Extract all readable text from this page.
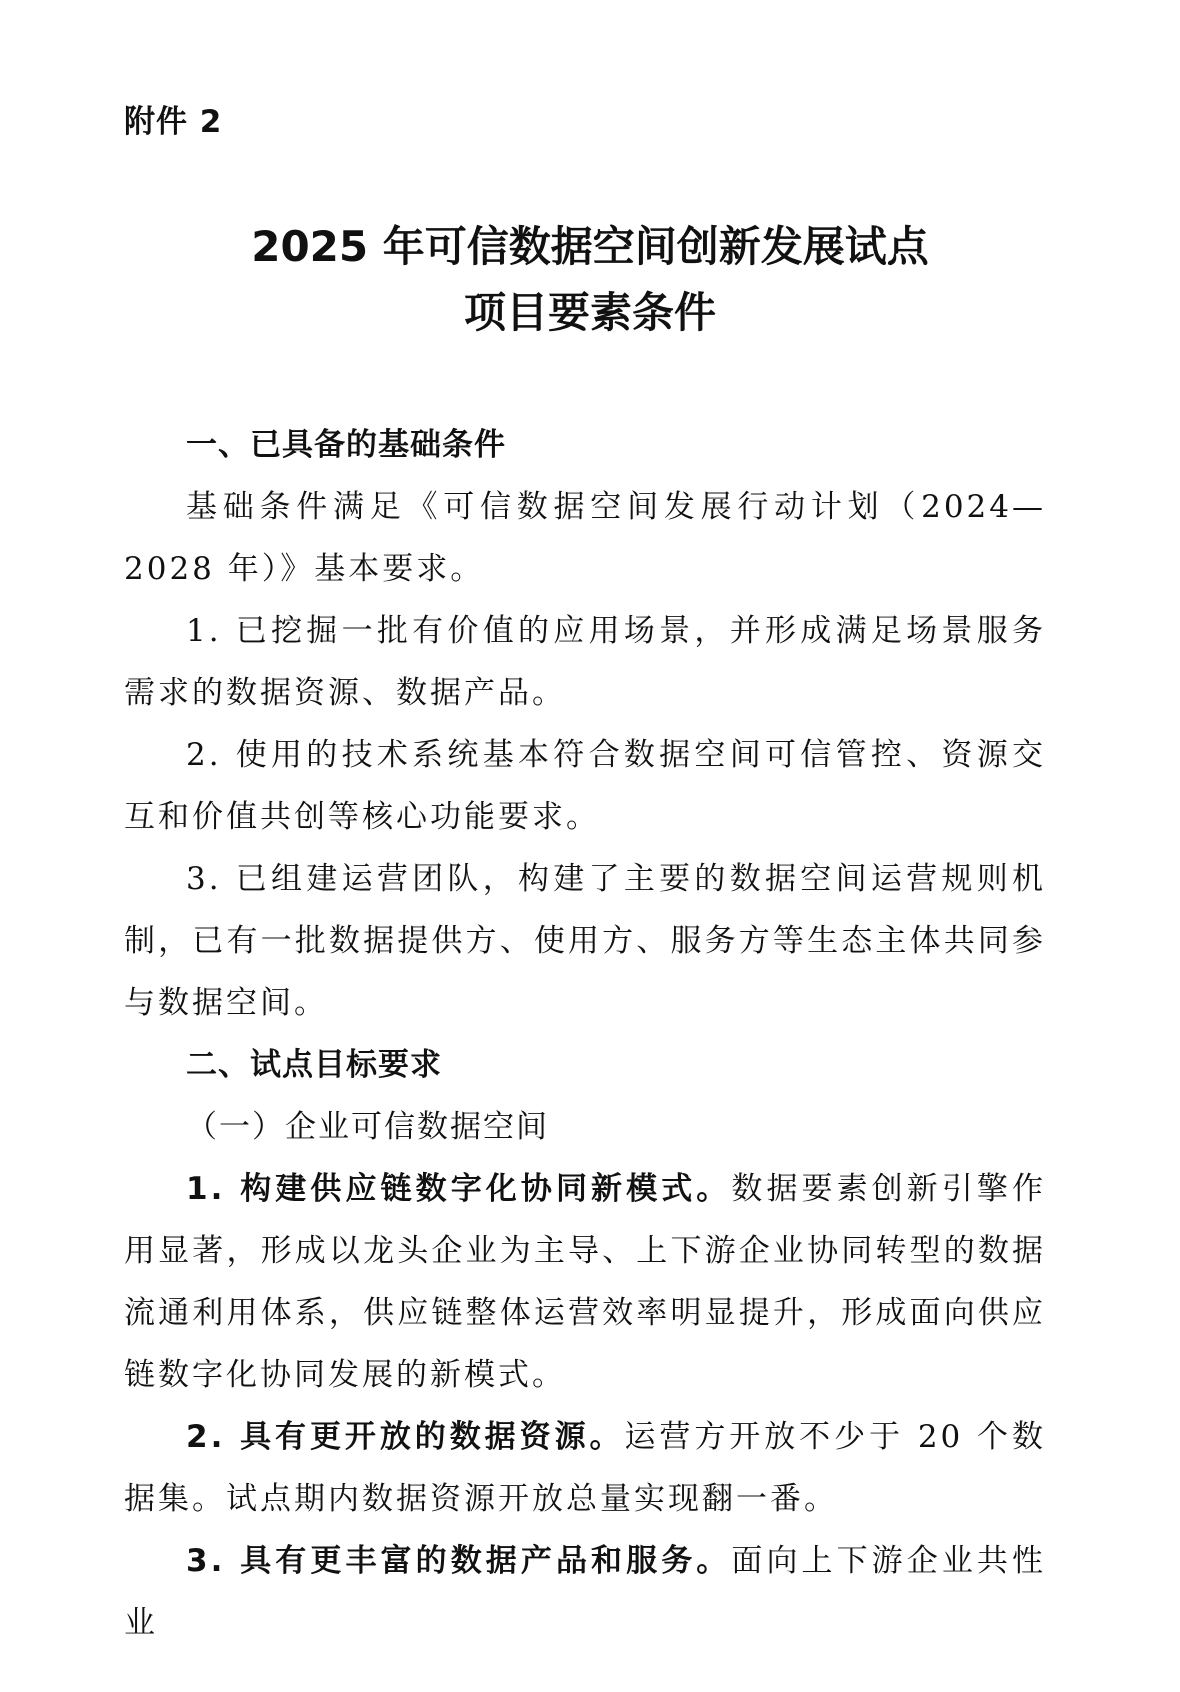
附件 2

2025 年可信数据空间创新发展试点
项目要素条件

一、已具备的基础条件

基础条件满足《可信数据空间发展行动计划（2024—2028 年）》基本要求。

1. 已挖掘一批有价值的应用场景，并形成满足场景服务需求的数据资源、数据产品。

2. 使用的技术系统基本符合数据空间可信管控、资源交互和价值共创等核心功能要求。

3. 已组建运营团队，构建了主要的数据空间运营规则机制，已有一批数据提供方、使用方、服务方等生态主体共同参与数据空间。

二、试点目标要求

（一）企业可信数据空间

1. 构建供应链数字化协同新模式。数据要素创新引擎作用显著，形成以龙头企业为主导、上下游企业协同转型的数据流通利用体系，供应链整体运营效率明显提升，形成面向供应链数字化协同发展的新模式。

2. 具有更开放的数据资源。运营方开放不少于 20 个数据集。试点期内数据资源开放总量实现翻一番。

3. 具有更丰富的数据产品和服务。面向上下游企业共性业
